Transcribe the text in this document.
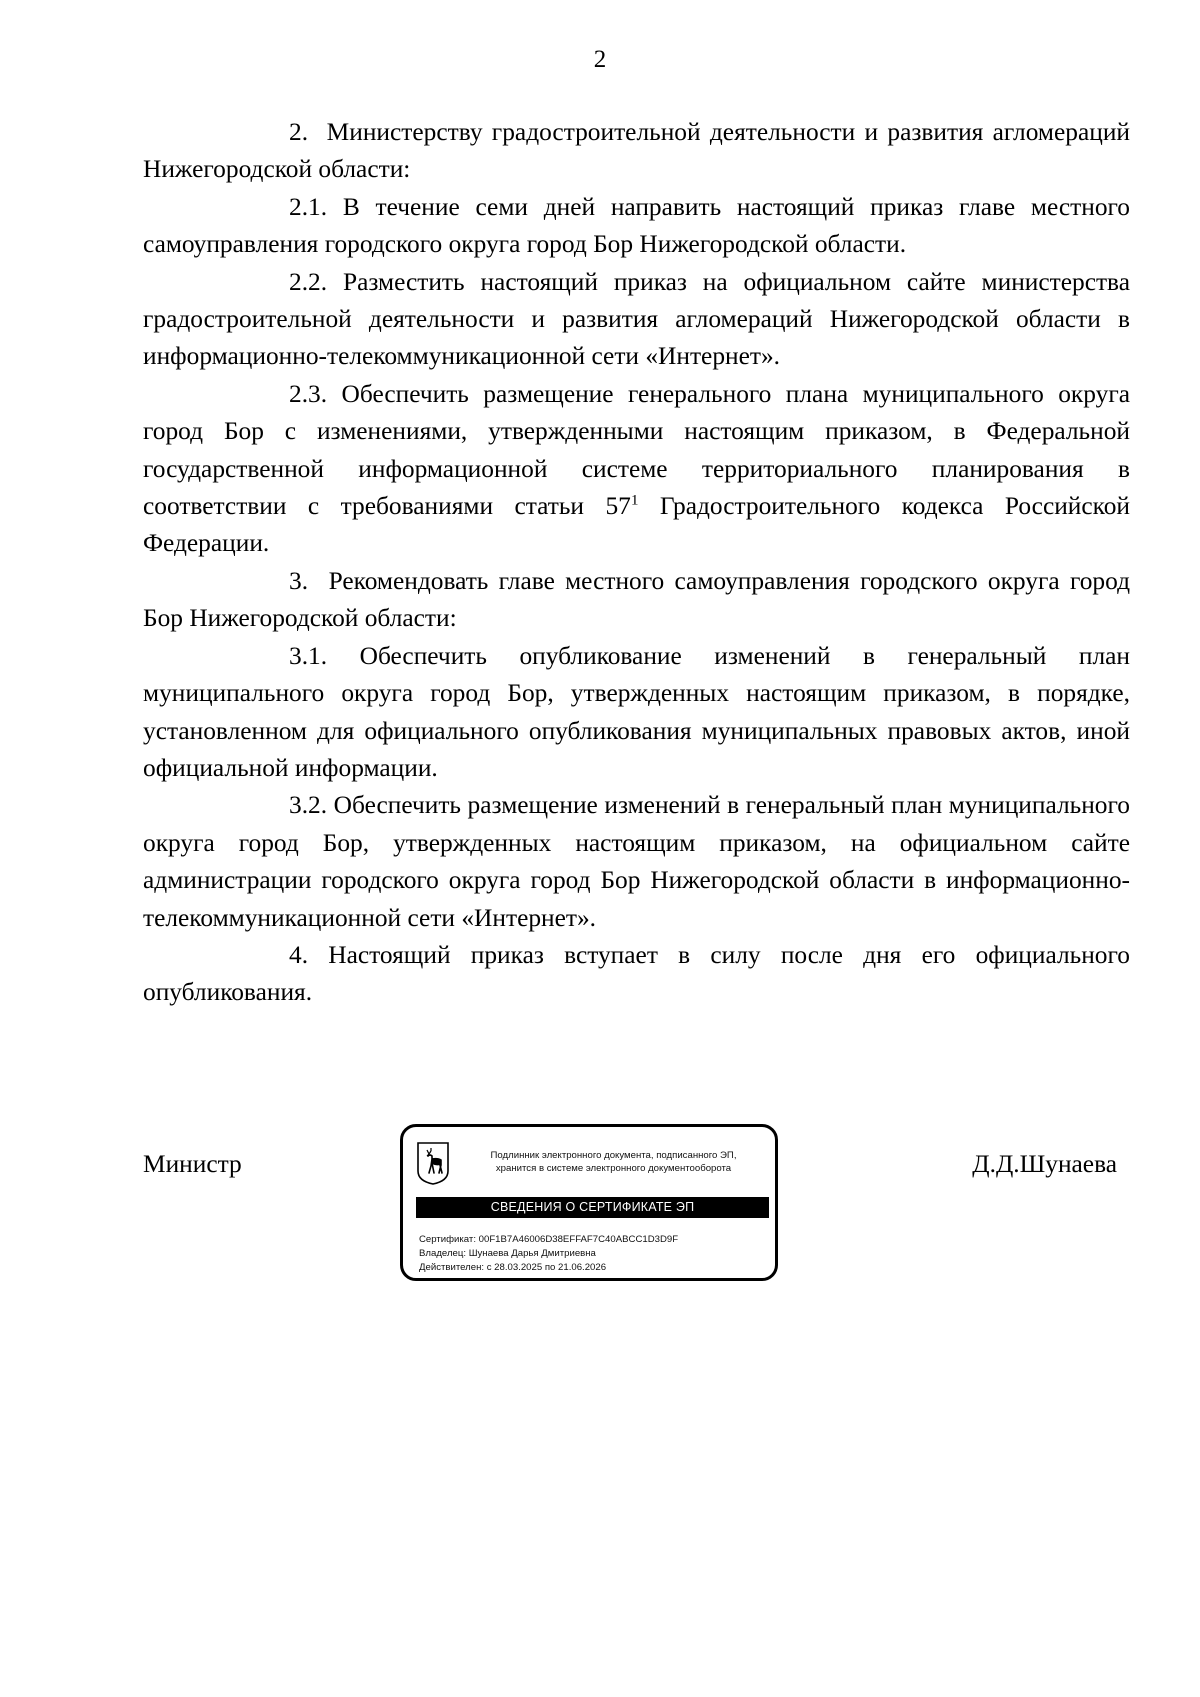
2

2. Министерству градостроительной деятельности и развития агломераций Нижегородской области:

2.1. В течение семи дней направить настоящий приказ главе местного самоуправления городского округа город Бор Нижегородской области.

2.2. Разместить настоящий приказ на официальном сайте министерства градостроительной деятельности и развития агломераций Нижегородской области в информационно-телекоммуникационной сети «Интернет».

2.3. Обеспечить размещение генерального плана муниципального округа город Бор с изменениями, утвержденными настоящим приказом, в Федеральной государственной информационной системе территориального планирования в соответствии с требованиями статьи $57^1$ Градостроительного кодекса Российской Федерации.

3. Рекомендовать главе местного самоуправления городского округа город Бор Нижегородской области:

3.1. Обеспечить опубликование изменений в генеральный план муниципального округа город Бор, утвержденных настоящим приказом, в порядке, установленном для официального опубликования муниципальных правовых актов, иной официальной информации.

3.2. Обеспечить размещение изменений в генеральный план муниципального округа город Бор, утвержденных настоящим приказом, на официальном сайте администрации городского округа город Бор Нижегородской области в информационно-телекоммуникационной сети «Интернет».

4. Настоящий приказ вступает в силу после дня его официального опубликования.

Министр	Подлинник электронного документа, подписанного ЭП,
хранится в системе электронного документооборота
СВЕДЕНИЯ О СЕРТИФИКАТЕ ЭП
Сертификат: 00F1B7A46006D38EFFAF7C40ABCC1D3D9F
Владелец: Шунаева Дарья Дмитриевна
Действителен: с 28.03.2025 по 21.06.2026
Д.Д.Шунаева
